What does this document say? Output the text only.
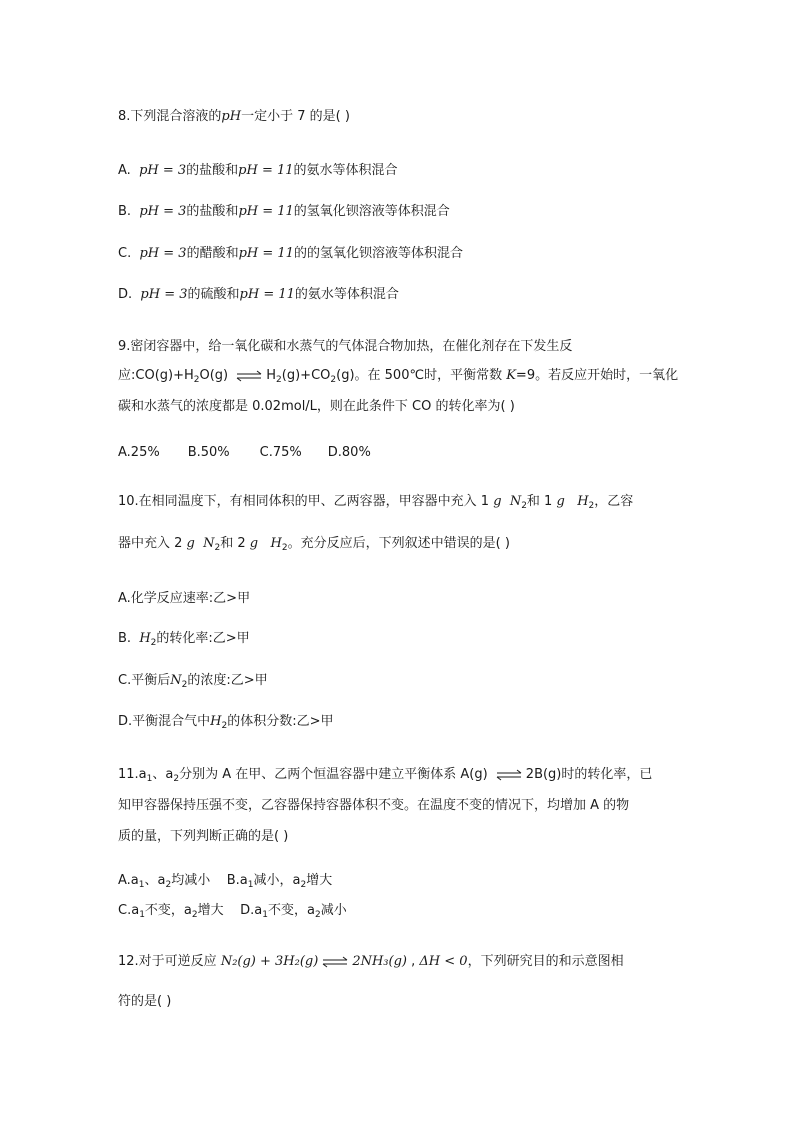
8.下列混合溶液的pH一定小于 7 的是( )
A. pH = 3的盐酸和pH = 11的氨水等体积混合
B. pH = 3的盐酸和pH = 11的氢氧化钡溶液等体积混合
C. pH = 3的醋酸和pH = 11的的氢氧化钡溶液等体积混合
D. pH = 3的硫酸和pH = 11的氨水等体积混合
9.密闭容器中，给一氧化碳和水蒸气的气体混合物加热，在催化剂存在下发生反
应$:CO(g)+H_2O(g)$ ⇌ $H_2(g)+CO_2(g)$。在 500℃时，平衡常数 K=9。若反应开始时，一氧化
碳和水蒸气的浓度都是 0.02mol/L，则在此条件下 CO 的转化率为( )
A.25% B.50% C.75% D.80%
10.在相同温度下，有相同体积的甲、乙两容器，甲容器中充入 1 g $N_2$和 1 g $H_2$，乙容
器中充入 2 g $N_2$和 2 g $H_2$。充分反应后，下列叙述中错误的是( )
A.化学反应速率:乙>甲
B. $H_2$的转化率:乙>甲
C.平衡后$N_2$的浓度:乙>甲
D.平衡混合气中$H_2$的体积分数:乙>甲
$11.a_1$、$a_2$分别为 A 在甲、乙两个恒温容器中建立平衡体系 A(g) ⇌ 2B(g)时的转化率，已
知甲容器保持压强不变，乙容器保持容器体积不变。在温度不变的情况下，均增加 A 的物
质的量，下列判断正确的是( )
$A.a_1$、$a_2$均减小    $B.a_1$减小，$a_2$增大
$C.a_1$不变，$a_2$增大    $D.a_1$不变，$a_2$减小
12.对于可逆反应 N₂(g) + 3H₂(g) ⇌ 2NH₃(g) , ΔH < 0，下列研究目的和示意图相
符的是( )
